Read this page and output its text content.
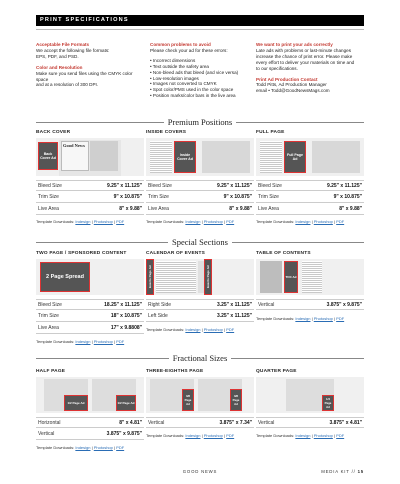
PRINT SPECIFICATIONS
Acceptable File Formats
We accept the following file formats:
EPS, PDF, and PSD.
Color and Resolution
Make sure you send files using the CMYK color space
and at a resolution of 300 DPI.
Common problems to avoid
Please check your ad for these errors:
• Incorrect dimensions
• Text outside the safety area
• Non-bleed ads that bleed (and vice versa)
• Low-resolution images
• Images not converted to CMYK
• Spot color/PMS used in the color space
• Position marks/color bars in the live area
We want to print your ads correctly
Late ads with problems or last-minute changes
increase the chance of print error. Please make
every effort to deliver your materials on time and
to our specifications.
Print Ad Production Contact
Todd Pitts, Ad Production Manager
email • Todd@GoodNewsMags.com
Premium Positions
BACK COVER
Back Cover Ad
Good News
Bleed Size	9.25" x 11.125"
Trim Size	9" x 10.875"
Live Area	8" x 9.88"
Template Downloads: Indesign | Photoshop | PDF
INSIDE COVERS
Inside Cover Ad
Bleed Size	9.25" x 11.125"
Trim Size	9" x 10.875"
Live Area	8" x 9.88"
Template Downloads: Indesign | Photoshop | PDF
FULL PAGE
Full Page Ad
Bleed Size	9.25" x 11.125"
Trim Size	9" x 10.875"
Live Area	8" x 9.88"
Template Downloads: Indesign | Photoshop | PDF
Special Sections
TWO PAGE / SPONSORED CONTENT
2 Page Spread
Bleed Size	18.25" x 11.125"
Trim Size	18" x 10.875"
Live Area	17" x 9.8808"
Template Downloads: Indesign | Photoshop | PDF
CALENDAR OF EVENTS
Events Page Ad	Events Page Ad
Right Side	3.25" x 11.125"
Left Side	3.25" x 11.125"
Template Downloads: Indesign | Photoshop | PDF
TABLE OF CONTENTS
TOC Ad
Vertical	3.875" x 9.875"
Template Downloads: Indesign | Photoshop | PDF
Fractional Sizes
HALF PAGE
1/2 Page Ad	1/2 Page Ad
Horizontal	8" x 4.81"
Vertical	3.875" x 9.875"
Template Downloads: Indesign | Photoshop | PDF
THREE-EIGHTHS PAGE
3/8 Page Ad
3/8 Page Ad
Vertical	3.875" x 7.34"
Template Downloads: Indesign | Photoshop | PDF
QUARTER PAGE
1/4 Page Ad
Vertical	3.875" x 4.81"
Template Downloads: Indesign | Photoshop | PDF
GOOD NEWS	MEDIA KIT // 15
